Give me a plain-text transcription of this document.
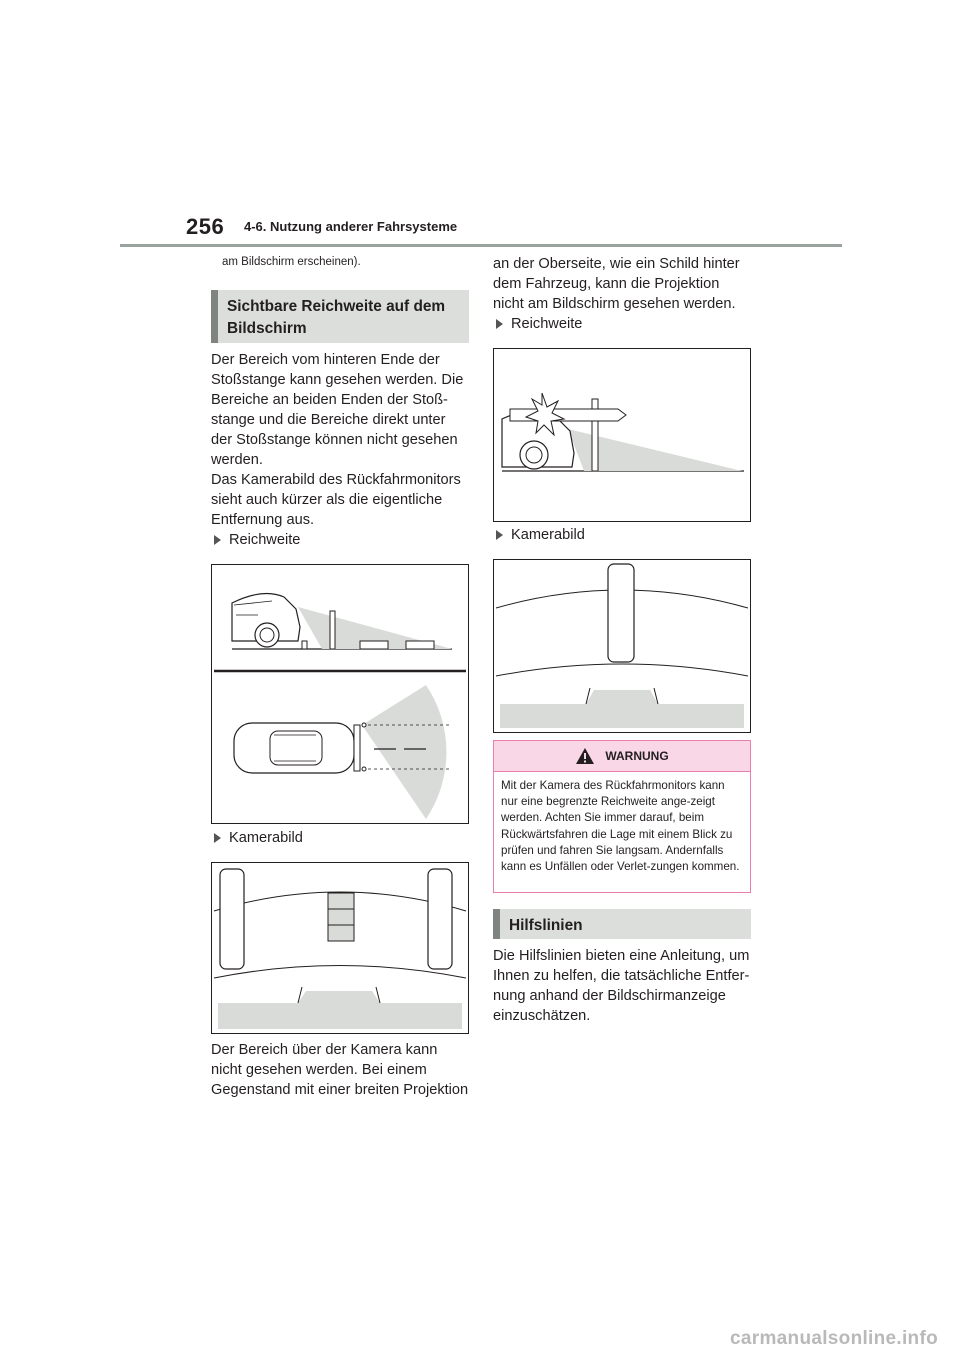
256 4-6. Nutzung anderer Fahrsysteme
am Bildschirm erscheinen).
Sichtbare Reichweite auf dem Bildschirm

Der Bereich vom hinteren Ende der Stoßstange kann gesehen werden. Die Bereiche an beiden Enden der Stoß-stange und die Bereiche direkt unter der Stoßstange können nicht gesehen werden.

Das Kamerabild des Rückfahrmonitors sieht auch kürzer als die eigentliche Entfernung aus.

Reichweite
Kamerabild

Der Bereich über der Kamera kann nicht gesehen werden. Bei einem Gegenstand mit einer breiten Projektion

an der Oberseite, wie ein Schild hinter dem Fahrzeug, kann die Projektion nicht am Bildschirm gesehen werden.

Reichweite
Kamerabild
WARNUNG
Mit der Kamera des Rückfahrmonitors kann nur eine begrenzte Reichweite ange-zeigt werden. Achten Sie immer darauf, beim Rückwärtsfahren die Lage mit einem Blick zu prüfen und fahren Sie langsam. Andernfalls kann es Unfällen oder Verlet-zungen kommen.
Hilfslinien

Die Hilfslinien bieten eine Anleitung, um Ihnen zu helfen, die tatsächliche Entfer-nung anhand der Bildschirmanzeige einzuschätzen.

carmanualsonline.info
